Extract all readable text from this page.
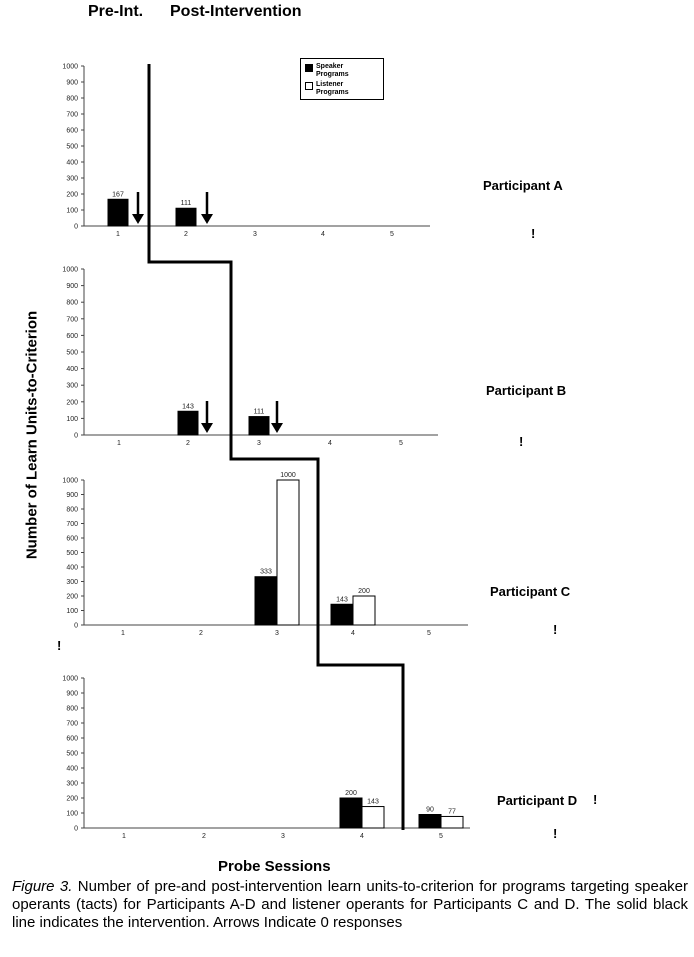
Pre-Int. Post-Intervention
0
100
200
300
400
500
600
700
800
900
1000
1	2	3	4	5
167
111
0
100
200
300
400
500
600
700
800
900
1000
1	2	3	4	5
143
111
0
100
200
300
400
500
600
700
800
900
1000
1	2	3	4	5
333
143
1000
200
0
100
200
300
400
500
600
700
800
900
1000
1	2	3	4	5
200
90
143
77
Number of Learn Units-to-Criterion
Probe Sessions
Speaker Programs
Listener Programs
Participant A
Participant B
Participant C
Participant D
!
!
!
!
!
!
Figure 3. Number of pre-and post-intervention learn units-to-criterion for programs targeting speaker operants (tacts) for Participants A-D and listener operants for Participants C and D. The solid black line indicates the intervention. Arrows Indicate 0 responses
